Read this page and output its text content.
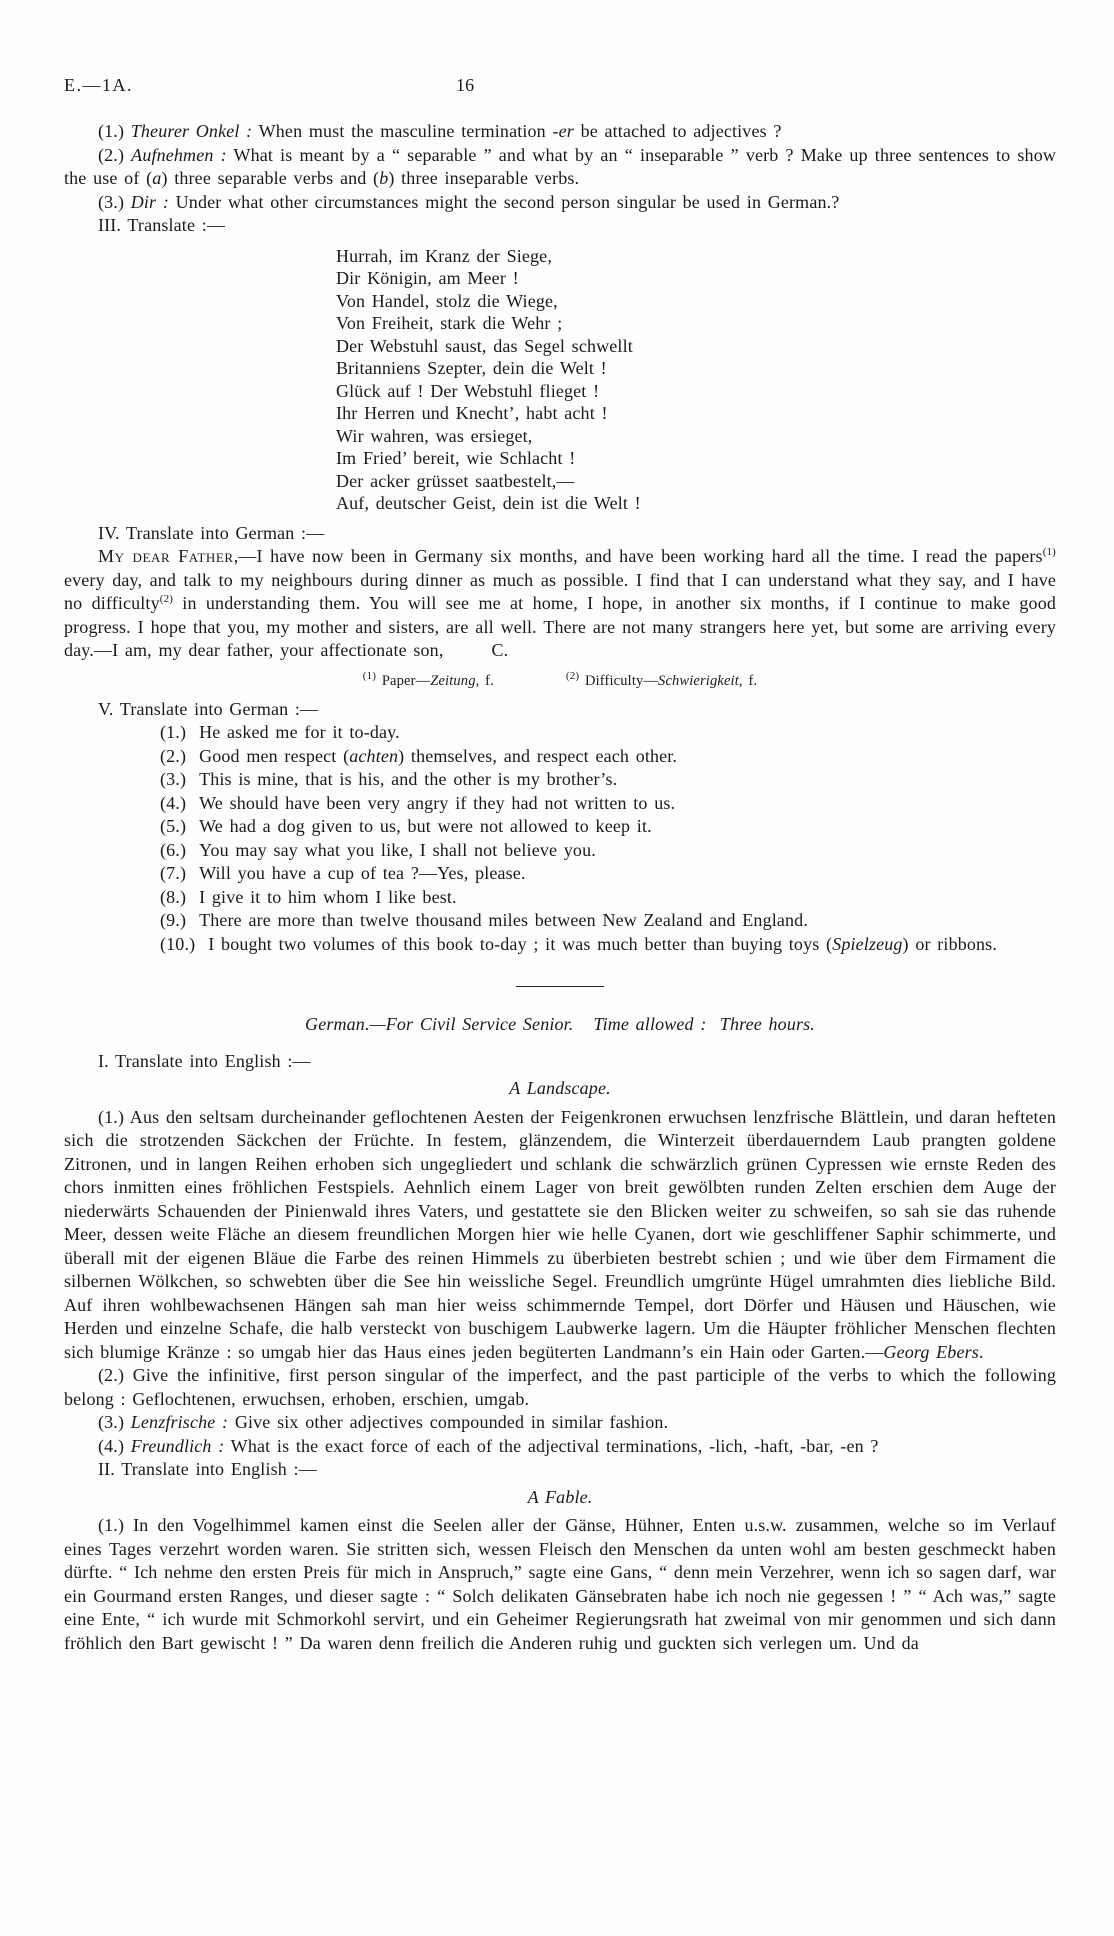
E.—1A.	16

(1.) Theurer Onkel : When must the masculine termination -er be attached to adjectives ?

(2.) Aufnehmen : What is meant by a “ separable ” and what by an “ inseparable ” verb ? Make up three sentences to show the use of (a) three separable verbs and (b) three inseparable verbs.

(3.) Dir : Under what other circumstances might the second person singular be used in German.?

III. Translate :—

Hurrah, im Kranz der Siege,
Dir Königin, am Meer !
Von Handel, stolz die Wiege,
Von Freiheit, stark die Wehr ;
Der Webstuhl saust, das Segel schwellt
Britanniens Szepter, dein die Welt !
Glück auf ! Der Webstuhl flieget !
Ihr Herren und Knecht’, habt acht !
Wir wahren, was ersieget,
Im Fried’ bereit, wie Schlacht !
Der acker grüsset saatbestelt,—
Auf, deutscher Geist, dein ist die Welt !

IV. Translate into German :—

My dear Father,—I have now been in Germany six months, and have been working hard all the time. I read the papers$^{(1)}$ every day, and talk to my neighbours during dinner as much as possible. I find that I can understand what they say, and I have no difficulty$^{(2)}$ in understanding them. You will see me at home, I hope, in another six months, if I continue to make good progress. I hope that you, my mother and sisters, are all well. There are not many strangers here yet, but some are arriving every day.—I am, my dear father, your affectionate son,	C.

$^{(1)}$ Paper—Zeitung, f.	$^{(2)}$ Difficulty—Schwierigkeit, f.

V. Translate into German :—

(1.) He asked me for it to-day.
(2.) Good men respect (achten) themselves, and respect each other.
(3.) This is mine, that is his, and the other is my brother’s.
(4.) We should have been very angry if they had not written to us.
(5.) We had a dog given to us, but were not allowed to keep it.
(6.) You may say what you like, I shall not believe you.
(7.) Will you have a cup of tea ?—Yes, please.
(8.) I give it to him whom I like best.
(9.) There are more than twelve thousand miles between New Zealand and England.
(10.) I bought two volumes of this book to-day ; it was much better than buying toys (Spielzeug) or ribbons.

German.—For Civil Service Senior.   Time allowed :  Three hours.

I. Translate into English :—

A Landscape.

(1.) Aus den seltsam durcheinander geflochtenen Aesten der Feigenkronen erwuchsen lenzfrische Blättlein, und daran hefteten sich die strotzenden Säckchen der Früchte. In festem, glänzendem, die Winterzeit überdauerndem Laub prangten goldene Zitronen, und in langen Reihen erhoben sich ungegliedert und schlank die schwärzlich grünen Cypressen wie ernste Reden des chors inmitten eines fröhlichen Festspiels. Aehnlich einem Lager von breit gewölbten runden Zelten erschien dem Auge der niederwärts Schauenden der Pinienwald ihres Vaters, und gestattete sie den Blicken weiter zu schweifen, so sah sie das ruhende Meer, dessen weite Fläche an diesem freundlichen Morgen hier wie helle Cyanen, dort wie geschliffener Saphir schimmerte, und überall mit der eigenen Bläue die Farbe des reinen Himmels zu überbieten bestrebt schien ; und wie über dem Firmament die silbernen Wölkchen, so schwebten über die See hin weissliche Segel. Freundlich umgrünte Hügel umrahmten dies liebliche Bild. Auf ihren wohlbewachsenen Hängen sah man hier weiss schimmernde Tempel, dort Dörfer und Häusen und Häuschen, wie Herden und einzelne Schafe, die halb versteckt von buschigem Laubwerke lagern. Um die Häupter fröhlicher Menschen flechten sich blumige Kränze : so umgab hier das Haus eines jeden begüterten Landmann’s ein Hain oder Garten.—Georg Ebers.

(2.) Give the infinitive, first person singular of the imperfect, and the past participle of the verbs to which the following belong : Geflochtenen, erwuchsen, erhoben, erschien, umgab.

(3.) Lenzfrische : Give six other adjectives compounded in similar fashion.

(4.) Freundlich : What is the exact force of each of the adjectival terminations, -lich, -haft, -bar, -en ?

II. Translate into English :—

A Fable.

(1.) In den Vogelhimmel kamen einst die Seelen aller der Gänse, Hühner, Enten u.s.w. zusammen, welche so im Verlauf eines Tages verzehrt worden waren. Sie stritten sich, wessen Fleisch den Menschen da unten wohl am besten geschmeckt haben dürfte. “ Ich nehme den ersten Preis für mich in Anspruch,” sagte eine Gans, “ denn mein Verzehrer, wenn ich so sagen darf, war ein Gourmand ersten Ranges, und dieser sagte : “ Solch delikaten Gänsebraten habe ich noch nie gegessen ! ” “ Ach was,” sagte eine Ente, “ ich wurde mit Schmorkohl servirt, und ein Geheimer Regierungsrath hat zweimal von mir genommen und sich dann fröhlich den Bart gewischt ! ” Da waren denn freilich die Anderen ruhig und guckten sich verlegen um. Und da
